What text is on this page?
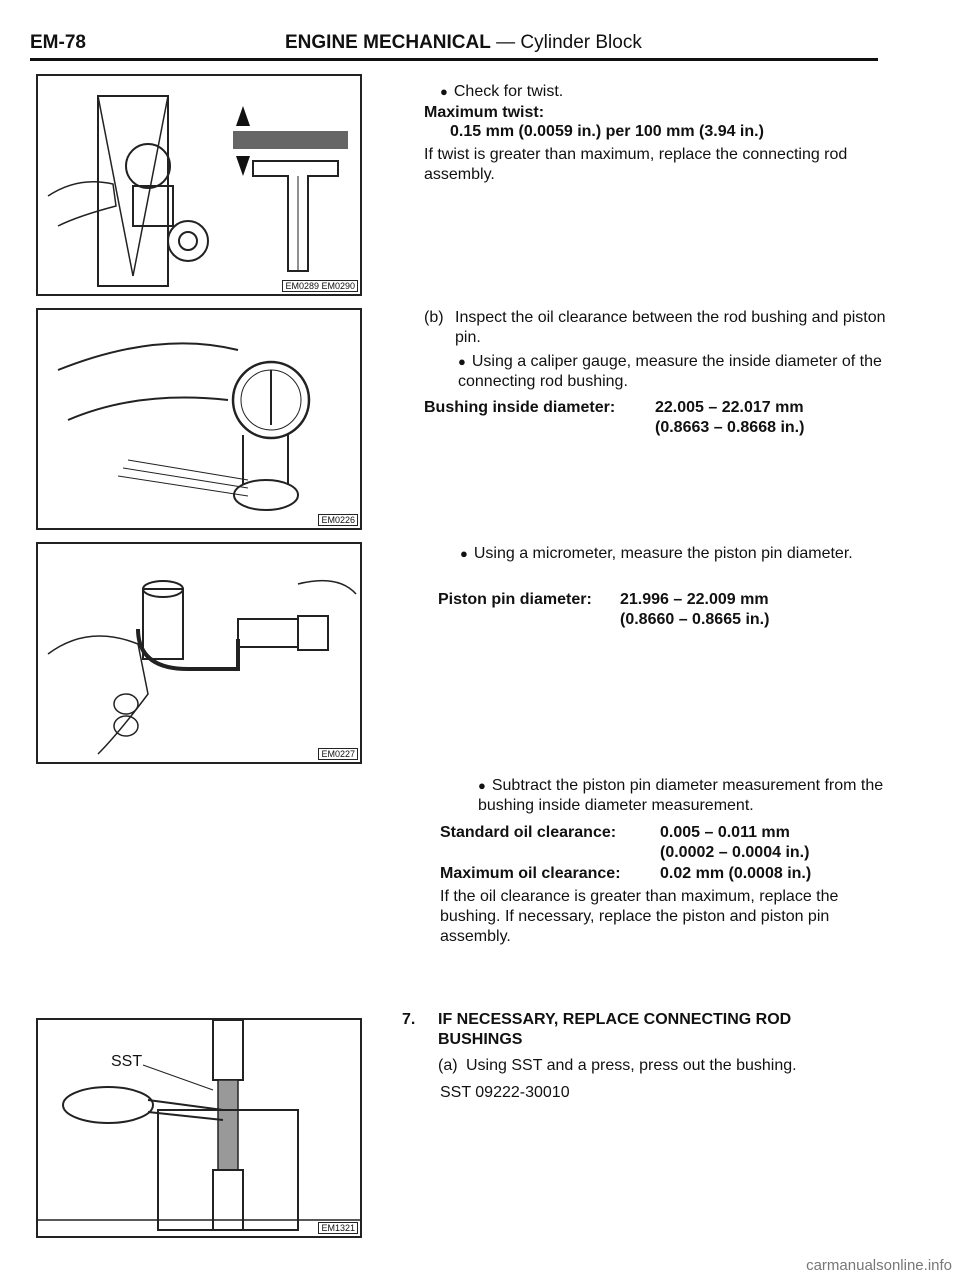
EM-78	ENGINE MECHANICAL — Cylinder Block
EM0289 EM0290
EM0226
EM0227
SST
EM1321
● Check for twist.
Maximum twist:
0.15 mm (0.0059 in.) per 100 mm (3.94 in.)
If twist is greater than maximum, replace the connecting rod assembly.
(b) Inspect the oil clearance between the rod bushing and piston pin.
● Using a caliper gauge, measure the inside diameter of the connecting rod bushing.
Bushing inside diameter: 22.005 – 22.017 mm
(0.8663 – 0.8668 in.)
● Using a micrometer, measure the piston pin diameter.
Piston pin diameter: 21.996 – 22.009 mm
(0.8660 – 0.8665 in.)
● Subtract the piston pin diameter measurement from the bushing inside diameter measurement.
Standard oil clearance:	0.005 – 0.011 mm
(0.0002 – 0.0004 in.)
Maximum oil clearance: 0.02 mm (0.0008 in.)
If the oil clearance is greater than maximum, replace the bushing. If necessary, replace the piston and piston pin assembly.
7. IF NECESSARY, REPLACE CONNECTING ROD BUSHINGS
(a) Using SST and a press, press out the bushing.
SST 09222-30010
carmanualsonline.info
